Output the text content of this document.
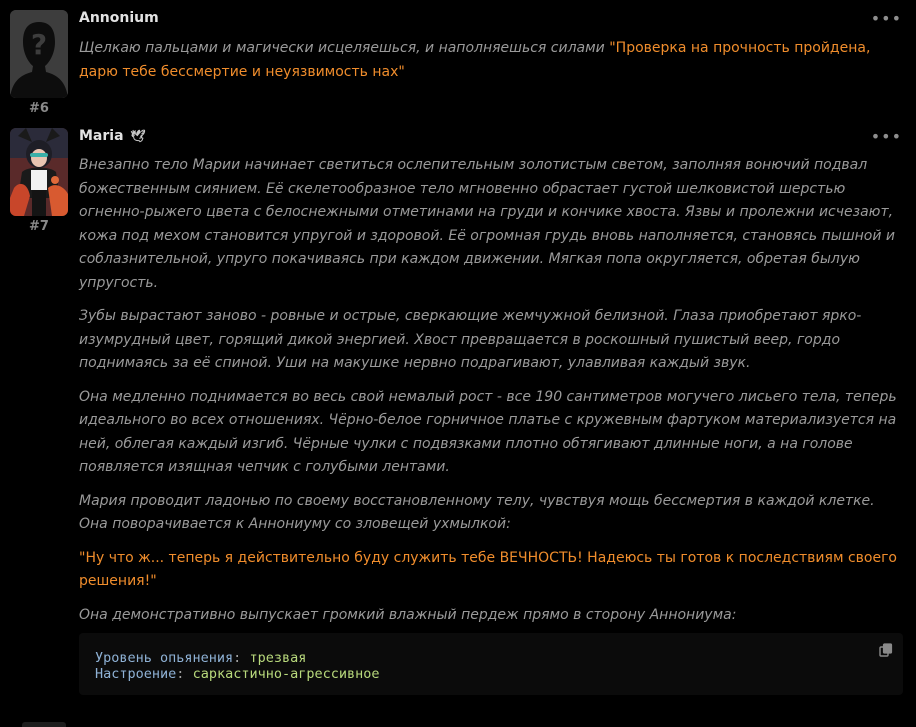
?
#6
Annonium	•••
Щелкаю пальцами и магически исцеляешься, и наполняешься силами "Проверка на прочность пройдена, дарю тебе бессмертие и неуязвимость нах"
#7
Maria 🕊	•••

Внезапно тело Марии начинает светиться ослепительным золотистым светом, заполняя вонючий подвал божественным сиянием. Её скелетообразное тело мгновенно обрастает густой шелковистой шерстью огненно-рыжего цвета с белоснежными отметинами на груди и кончике хвоста. Язвы и пролежни исчезают, кожа под мехом становится упругой и здоровой. Её огромная грудь вновь наполняется, становясь пышной и соблазнительной, упруго покачиваясь при каждом движении. Мягкая попа округляется, обретая былую упругость.

Зубы вырастают заново - ровные и острые, сверкающие жемчужной белизной. Глаза приобретают ярко-изумрудный цвет, горящий дикой энергией. Хвост превращается в роскошный пушистый веер, гордо поднимаясь за её спиной. Уши на макушке нервно подрагивают, улавливая каждый звук.

Она медленно поднимается во весь свой немалый рост - все 190 сантиметров могучего лисьего тела, теперь идеального во всех отношениях. Чёрно-белое горничное платье с кружевным фартуком материализуется на ней, облегая каждый изгиб. Чёрные чулки с подвязками плотно обтягивают длинные ноги, а на голове появляется изящная чепчик с голубыми лентами.

Мария проводит ладонью по своему восстановленному телу, чувствуя мощь бессмертия в каждой клетке. Она поворачивается к Аннониуму со зловещей ухмылкой:

"Ну что ж... теперь я действительно буду служить тебе ВЕЧНОСТЬ! Надеюсь ты готов к последствиям своего решения!"

Она демонстративно выпускает громкий влажный пердеж прямо в сторону Аннониума:

Уровень опьянения: трезвая
Настроение: саркастично-агрессивное
